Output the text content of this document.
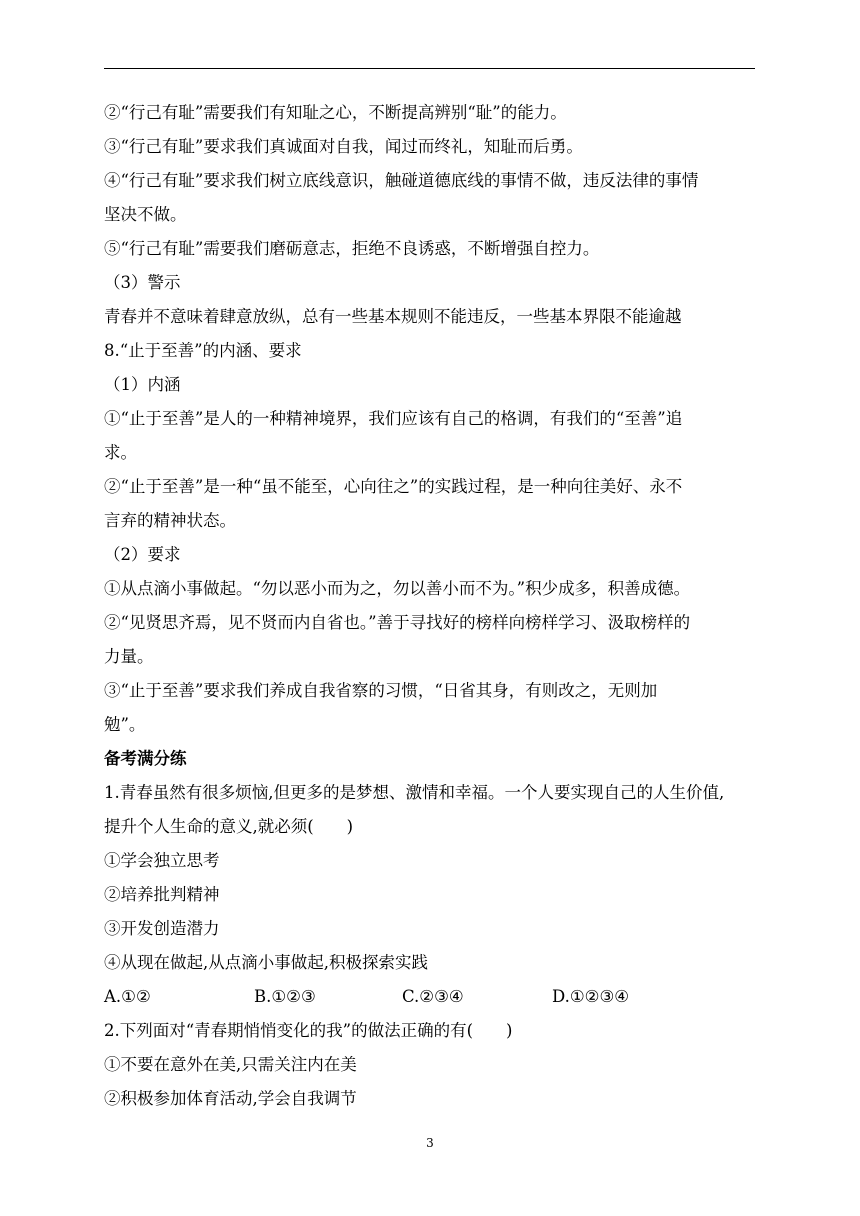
②“行己有耻”需要我们有知耻之心，不断提高辨别“耻”的能力。
③“行己有耻”要求我们真诚面对自我，闻过而终礼，知耻而后勇。
④“行己有耻”要求我们树立底线意识，触碰道德底线的事情不做，违反法律的事情
坚决不做。
⑤“行己有耻”需要我们磨砺意志，拒绝不良诱惑，不断增强自控力。
（3）警示
青春并不意味着肆意放纵，总有一些基本规则不能违反，一些基本界限不能逾越
8.“止于至善”的内涵、要求
（1）内涵
①“止于至善”是人的一种精神境界，我们应该有自己的格调，有我们的“至善”追
求。
②“止于至善”是一种“虽不能至，心向往之”的实践过程，是一种向往美好、永不
言弃的精神状态。
（2）要求
①从点滴小事做起。“勿以恶小而为之，勿以善小而不为。”积少成多，积善成德。
②“见贤思齐焉，见不贤而内自省也。”善于寻找好的榜样向榜样学习、汲取榜样的
力量。
③“止于至善”要求我们养成自我省察的习惯，“日省其身，有则改之，无则加
勉”。
备考满分练
1.青春虽然有很多烦恼,但更多的是梦想、激情和幸福。一个人要实现自己的人生价值,
提升个人生命的意义,就必须(　　)
①学会独立思考
②培养批判精神
③开发创造潜力
④从现在做起,从点滴小事做起,积极探索实践
A.①②	B.①②③	C.②③④	D.①②③④
2.下列面对“青春期悄悄变化的我”的做法正确的有(　　)
①不要在意外在美,只需关注内在美
②积极参加体育活动,学会自我调节
3
